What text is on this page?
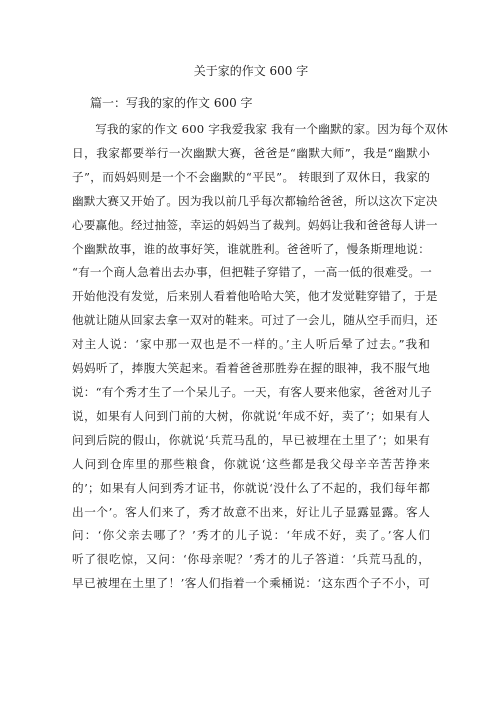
关于家的作文 600 字
篇一：写我的家的作文 600 字
写我的家的作文 600 字我爱我家 我有一个幽默的家。因为每个双休
日，我家都要举行一次幽默大赛，爸爸是“幽默大师”，我是“幽默小
子”，而妈妈则是一个不会幽默的“平民”。 转眼到了双休日，我家的
幽默大赛又开始了。因为我以前几乎每次都输给爸爸，所以这次下定决
心要赢他。经过抽签，幸运的妈妈当了裁判。妈妈让我和爸爸每人讲一
个幽默故事，谁的故事好笑，谁就胜利。爸爸听了，慢条斯理地说：
“有一个商人急着出去办事，但把鞋子穿错了，一高一低的很难受。一
开始他没有发觉，后来别人看着他哈哈大笑，他才发觉鞋穿错了，于是
他就让随从回家去拿一双对的鞋来。可过了一会儿，随从空手而归，还
对主人说：‘家中那一双也是不一样的。’主人听后晕了过去。”我和
妈妈听了，捧腹大笑起来。看着爸爸那胜券在握的眼神，我不服气地
说：“有个秀才生了一个呆儿子。一天，有客人要来他家，爸爸对儿子
说，如果有人问到门前的大树，你就说‘年成不好，卖了’；如果有人
问到后院的假山，你就说‘兵荒马乱的，早已被埋在土里了’；如果有
人问到仓库里的那些粮食，你就说‘这些都是我父母辛辛苦苦挣来
的’；如果有人问到秀才证书，你就说‘没什么了不起的，我们每年都
出一个’。客人们来了，秀才故意不出来，好让儿子显露显露。客人
问：‘你父亲去哪了？’秀才的儿子说：‘年成不好，卖了。’客人们
听了很吃惊，又问：‘你母亲呢？’秀才的儿子答道：‘兵荒马乱的，
早已被埋在土里了！’客人们指着一个乘桶说：‘这东西个子不小，可
